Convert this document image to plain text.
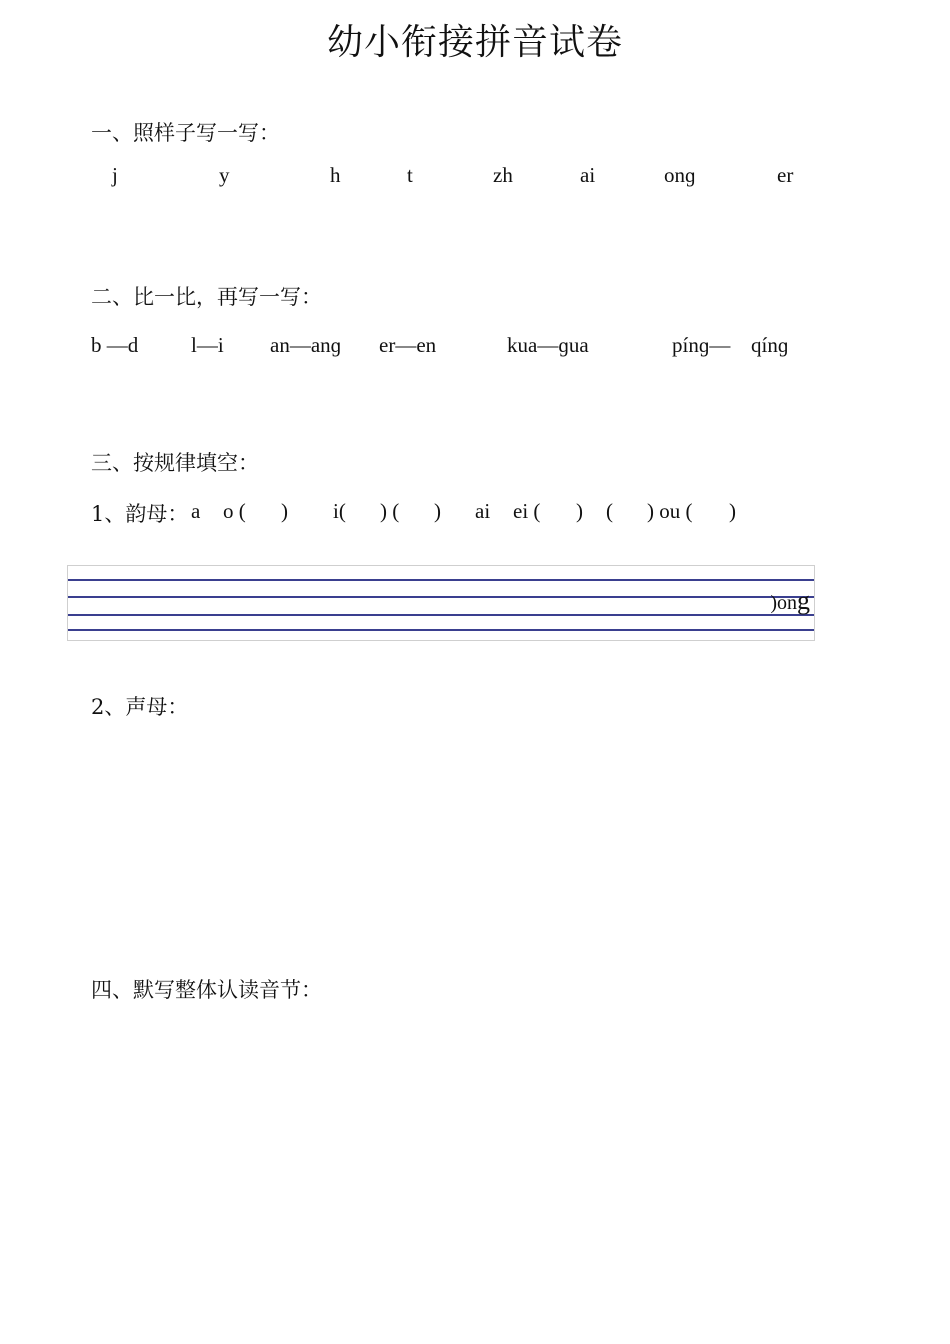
幼小衔接拼音试卷
一、照样子写一写：
j	y	h	t	zh	ai	onɡ	er
二、比一比，再写一写：
b —d	l—i an—anɡ er—en	kua—ɡua	pínɡ— qínɡ
三、按规律填空：
1、韵母： a o ( ) i( ) ( ) ai ei ( ) ( ) ou ( )
)ong
2、声母：
四、默写整体认读音节：
